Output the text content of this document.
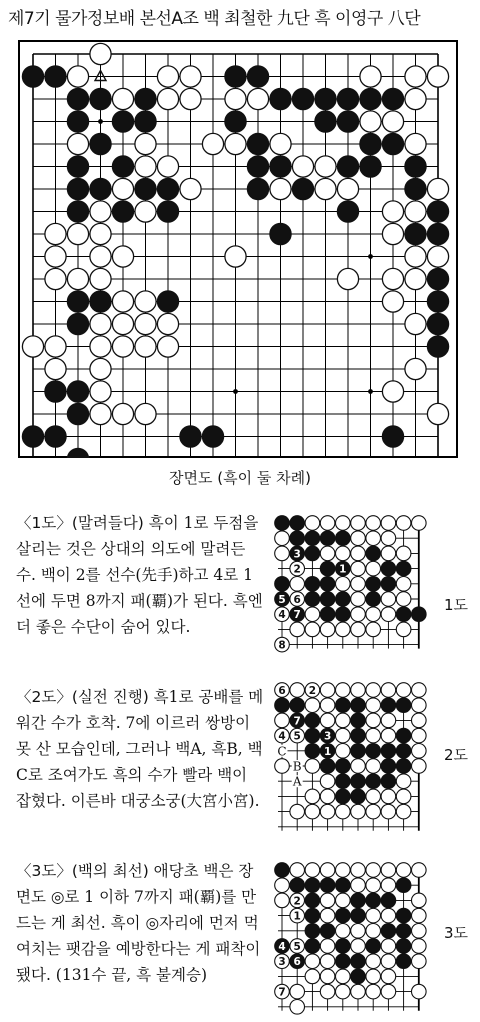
제7기 물가정보배 본선A조 백 최철한 九단 흑 이영구 八단
장면도 (흑이 둘 차례)
〈1도〉(말려들다) 흑이 1로 두점을 살리는 것은 상대의 의도에 말려든 수. 백이 2를 선수(先手)하고 4로 1선에 두면 8까지 패(覇)가 된다. 흑엔 더 좋은 수단이 숨어 있다.
〈2도〉(실전 진행) 흑1로 공배를 메워간 수가 호착. 7에 이르러 쌍방이 못 산 모습인데, 그러나 백A, 흑B, 백C로 조여가도 흑의 수가 빨라 백이 잡혔다. 이른바 대궁소궁(大宮小宮).
〈3도〉(백의 최선) 애당초 백은 장면도 ◎로 1 이하 7까지 패(覇)를 만드는 게 최선. 흑이 ◎자리에 먼저 먹여치는 팻감을 예방한다는 게 패착이 됐다. (131수 끝, 흑 불계승)
3
2	1
5 6
4 7
8
6 2
7
4 5 3
C	1
B
A
2
1
4 5
3 6
7
1도
2도
3도
